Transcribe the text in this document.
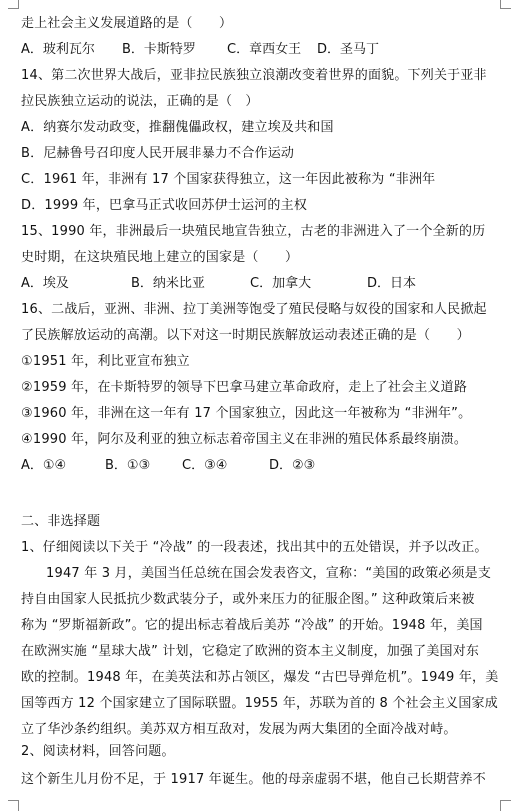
走上社会主义发展道路的是（　　）
A．玻利瓦尔 B．卡斯特罗 C．章西女王 D．圣马丁
14、第二次世界大战后，亚非拉民族独立浪潮改变着世界的面貌。下列关于亚非
拉民族独立运动的说法，正确的是（　）
A．纳赛尔发动政变，推翻傀儡政权，建立埃及共和国
B．尼赫鲁号召印度人民开展非暴力不合作运动
C．1961 年，非洲有 17 个国家获得独立，这一年因此被称为 “非洲年
D．1999 年，巴拿马正式收回苏伊士运河的主权
15、1990 年，非洲最后一块殖民地宣告独立，古老的非洲进入了一个全新的历
史时期，在这块殖民地上建立的国家是（　　）
A．埃及	B．纳米比亚	C．加拿大	D．日本
16、二战后，亚洲、非洲、拉丁美洲等饱受了殖民侵略与奴役的国家和人民掀起
了民族解放运动的高潮。以下对这一时期民族解放运动表述正确的是（　　）
①1951 年，利比亚宣布独立
②1959 年，在卡斯特罗的领导下巴拿马建立革命政府，走上了社会主义道路
③1960 年，非洲在这一年有 17 个国家独立，因此这一年被称为 “非洲年”。
④1990 年，阿尔及利亚的独立标志着帝国主义在非洲的殖民体系最终崩溃。
A．①④	B．①③ C．③④	D．②③
二、非选择题
1、仔细阅读以下关于 “冷战” 的一段表述，找出其中的五处错误，并予以改正。
1947 年 3 月，美国当任总统在国会发表咨文，宣称：“美国的政策必须是支
持自由国家人民抵抗少数武装分子，或外来压力的征服企图。” 这种政策后来被
称为 “罗斯福新政”。它的提出标志着战后美苏 “冷战” 的开始。1948 年，美国
在欧洲实施 “星球大战” 计划，它稳定了欧洲的资本主义制度，加强了美国对东
欧的控制。1948 年，在美英法和苏占领区，爆发 “古巴导弹危机”。1949 年，美
国等西方 12 个国家建立了国际联盟。1955 年，苏联为首的 8 个社会主义国家成
立了华沙条约组织。美苏双方相互敌对，发展为两大集团的全面冷战对峙。
2、阅读材料，回答问题。
这个新生儿月份不足，于 1917 年诞生。他的母亲虚弱不堪，他自己长期营养不
